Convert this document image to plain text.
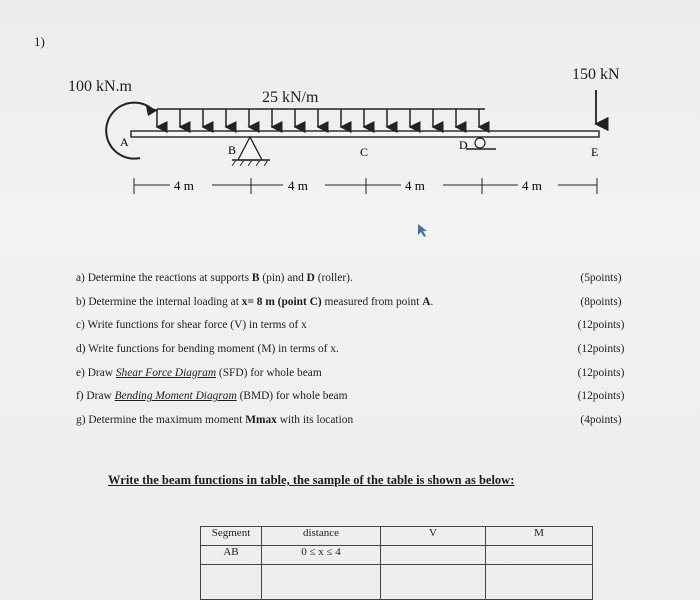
1)
A
B	C	D	E
4 m	4 m	4 m	4 m
100 kN.m
25 kN/m
150 kN
a) Determine the reactions at supports B (pin) and D (roller).	(5points)
b) Determine the internal loading at x= 8 m (point C) measured from point A.	(8points)
c) Write functions for shear force (V) in terms of x	(12points)
d) Write functions for bending moment (M) in terms of x.	(12points)
e) Draw Shear Force Diagram (SFD) for whole beam	(12points)
f) Draw Bending Moment Diagram (BMD) for whole beam	(12points)
g) Determine the maximum moment Mmax with its location	(4points)
Write the beam functions in table, the sample of the table is shown as below:
Segment	distance	V	M
AB	0 ≤ x ≤ 4		
